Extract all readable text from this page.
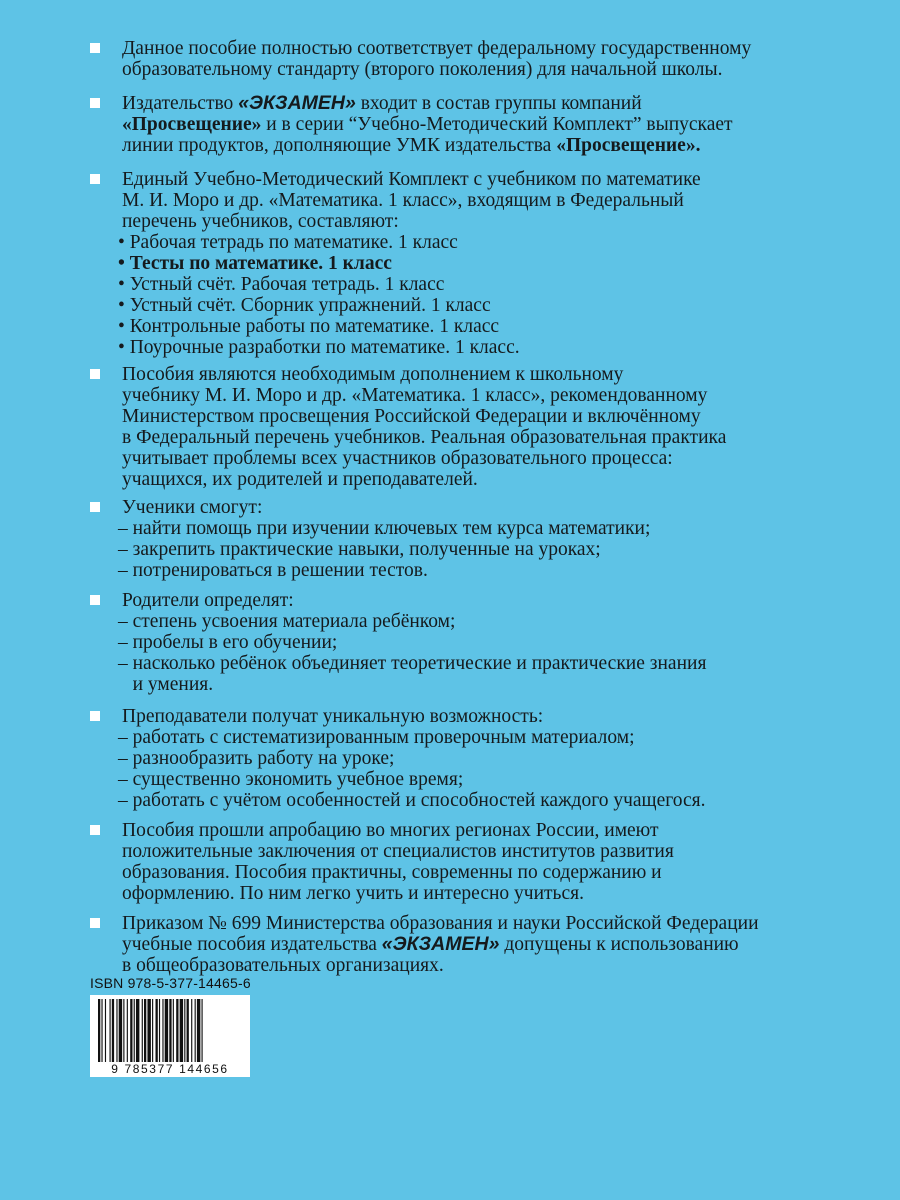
Данное пособие полностью соответствует федеральному государственному
образовательному стандарту (второго поколения) для начальной школы.
Издательство «ЭКЗАМЕН» входит в состав группы компаний
«Просвещение» и в серии “Учебно-Методический Комплект” выпускает
линии продуктов, дополняющие УМК издательства «Просвещение».
Единый Учебно-Методический Комплект с учебником по математике
М. И. Моро и др. «Математика. 1 класс», входящим в Федеральный
перечень учебников, составляют:
• Рабочая тетрадь по математике. 1 класс
• Тесты по математике. 1 класс
• Устный счёт. Рабочая тетрадь. 1 класс
• Устный счёт. Сборник упражнений. 1 класс
• Контрольные работы по математике. 1 класс
• Поурочные разработки по математике. 1 класс.
Пособия являются необходимым дополнением к школьному
учебнику М. И. Моро и др. «Математика. 1 класс», рекомендованному
Министерством просвещения Российской Федерации и включённому
в Федеральный перечень учебников. Реальная образовательная практика
учитывает проблемы всех участников образовательного процесса:
учащихся, их родителей и преподавателей.
Ученики смогут:
– найти помощь при изучении ключевых тем курса математики;
– закрепить практические навыки, полученные на уроках;
– потренироваться в решении тестов.
Родители определят:
– степень усвоения материала ребёнком;
– пробелы в его обучении;
– насколько ребёнок объединяет теоретические и практические знания
и умения.
Преподаватели получат уникальную возможность:
– работать с систематизированным проверочным материалом;
– разнообразить работу на уроке;
– существенно экономить учебное время;
– работать с учётом особенностей и способностей каждого учащегося.
Пособия прошли апробацию во многих регионах России, имеют
положительные заключения от специалистов институтов развития
образования. Пособия практичны, современны по содержанию и
оформлению. По ним легко учить и интересно учиться.
Приказом № 699 Министерства образования и науки Российской Федерации
учебные пособия издательства «ЭКЗАМЕН» допущены к использованию
в общеобразовательных организациях.
ISBN 978-5-377-14465-6
9 785377 144656
